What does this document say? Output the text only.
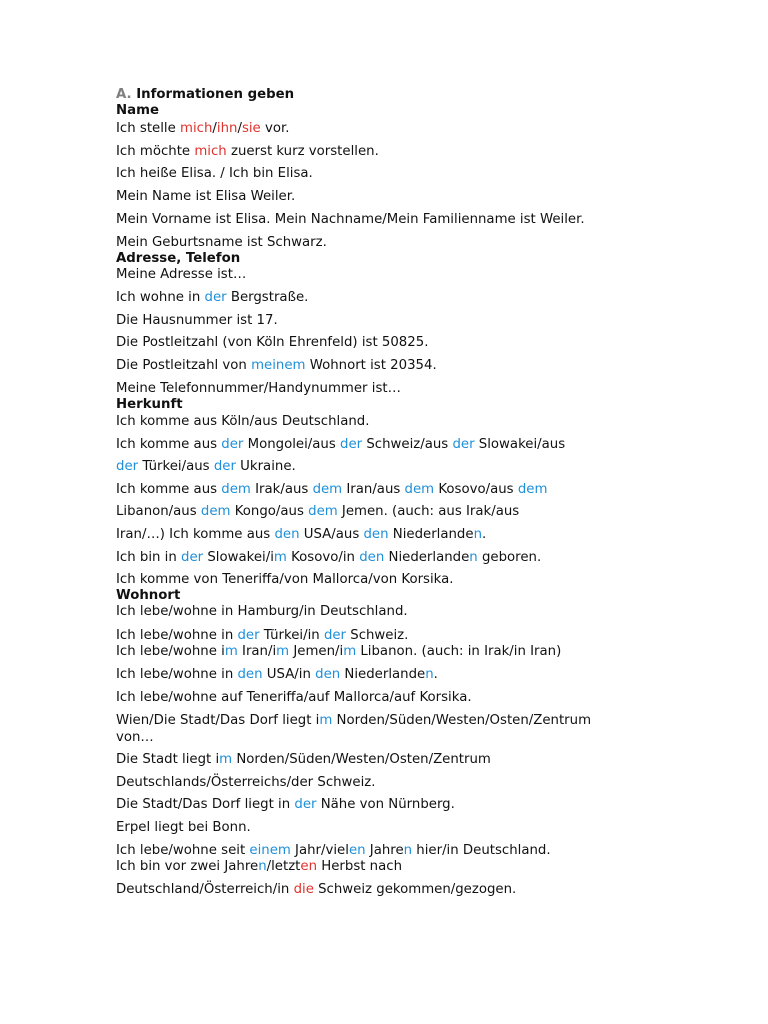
A. Informationen geben
Name
Ich stelle mich/ihn/sie vor.
Ich möchte mich zuerst kurz vorstellen.
Ich heiße Elisa. / Ich bin Elisa.
Mein Name ist Elisa Weiler.
Mein Vorname ist Elisa. Mein Nachname/Mein Familienname ist Weiler.
Mein Geburtsname ist Schwarz.
Adresse, Telefon
Meine Adresse ist…
Ich wohne in der Bergstraße.
Die Hausnummer ist 17.
Die Postleitzahl (von Köln Ehrenfeld) ist 50825.
Die Postleitzahl von meinem Wohnort ist 20354.
Meine Telefonnummer/Handynummer ist…
Herkunft
Ich komme aus Köln/aus Deutschland.
Ich komme aus der Mongolei/aus der Schweiz/aus der Slowakei/aus
der Türkei/aus der Ukraine.
Ich komme aus dem Irak/aus dem Iran/aus dem Kosovo/aus dem
Libanon/aus dem Kongo/aus dem Jemen. (auch: aus Irak/aus
Iran/…) Ich komme aus den USA/aus den Niederlanden.
Ich bin in der Slowakei/im Kosovo/in den Niederlanden geboren.
Ich komme von Teneriffa/von Mallorca/von Korsika.
Wohnort
Ich lebe/wohne in Hamburg/in Deutschland.
Ich lebe/wohne in der Türkei/in der Schweiz.
Ich lebe/wohne im Iran/im Jemen/im Libanon. (auch: in Irak/in Iran)
Ich lebe/wohne in den USA/in den Niederlanden.
Ich lebe/wohne auf Teneriffa/auf Mallorca/auf Korsika.
Wien/Die Stadt/Das Dorf liegt im Norden/Süden/Westen/Osten/Zentrum
von…
Die Stadt liegt im Norden/Süden/Westen/Osten/Zentrum
Deutschlands/Österreichs/der Schweiz.
Die Stadt/Das Dorf liegt in der Nähe von Nürnberg.
Erpel liegt bei Bonn.
Ich lebe/wohne seit einem Jahr/vielen Jahren hier/in Deutschland.
Ich bin vor zwei Jahren/letzten Herbst nach
Deutschland/Österreich/in die Schweiz gekommen/gezogen.
